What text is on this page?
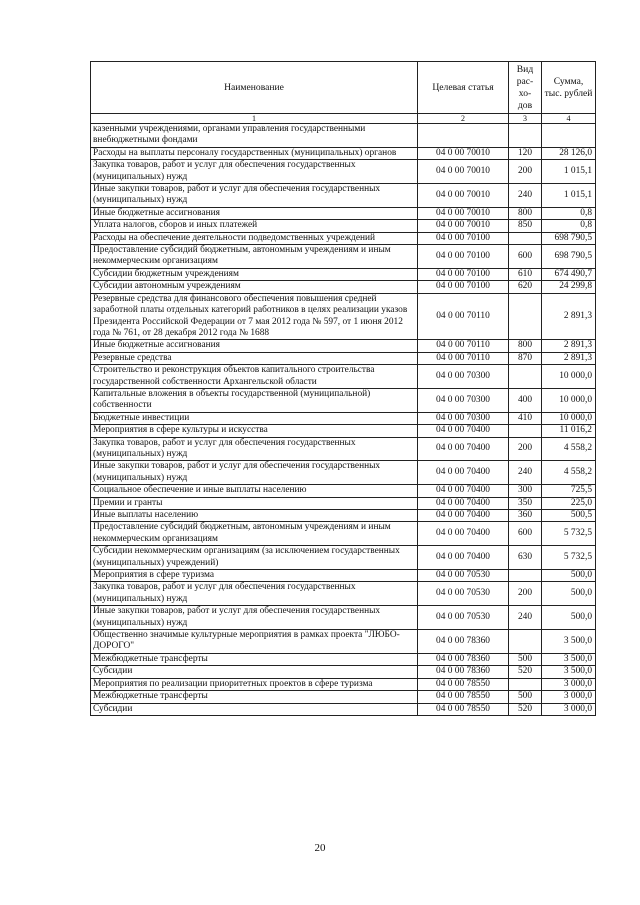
Наименование	Целевая статья	Вид рас- хо- дов	Сумма, тыс. рублей
1	2	3	4
казенными учреждениями, органами управления государственными внебюджетными фондами			
Расходы на выплаты персоналу государственных (муниципальных) органов	04 0 00 70010	120	28 126,0
Закупка товаров, работ и услуг для обеспечения государственных (муниципальных) нужд	04 0 00 70010	200	1 015,1
Иные закупки товаров, работ и услуг для обеспечения государственных (муниципальных) нужд	04 0 00 70010	240	1 015,1
Иные бюджетные ассигнования	04 0 00 70010	800	0,8
Уплата налогов, сборов и иных платежей	04 0 00 70010	850	0,8
Расходы на обеспечение деятельности подведомственных учреждений	04 0 00 70100		698 790,5
Предоставление субсидий бюджетным, автономным учреждениям и иным некоммерческим организациям	04 0 00 70100	600	698 790,5
Субсидии бюджетным учреждениям	04 0 00 70100	610	674 490,7
Субсидии автономным учреждениям	04 0 00 70100	620	24 299,8
Резервные средства для финансового обеспечения повышения средней заработной платы отдельных категорий работников в целях реализации указов Президента Российской Федерации от 7 мая 2012 года № 597, от 1 июня 2012 года № 761, от 28 декабря 2012 года № 1688	04 0 00 70110		2 891,3
Иные бюджетные ассигнования	04 0 00 70110	800	2 891,3
Резервные средства	04 0 00 70110	870	2 891,3
Строительство и реконструкция объектов капитального строительства государственной собственности Архангельской области	04 0 00 70300		10 000,0
Капитальные вложения в объекты государственной (муниципальной) собственности	04 0 00 70300	400	10 000,0
Бюджетные инвестиции	04 0 00 70300	410	10 000,0
Мероприятия в сфере культуры и искусства	04 0 00 70400		11 016,2
Закупка товаров, работ и услуг для обеспечения государственных (муниципальных) нужд	04 0 00 70400	200	4 558,2
Иные закупки товаров, работ и услуг для обеспечения государственных (муниципальных) нужд	04 0 00 70400	240	4 558,2
Социальное обеспечение и иные выплаты населению	04 0 00 70400	300	725,5
Премии и гранты	04 0 00 70400	350	225,0
Иные выплаты населению	04 0 00 70400	360	500,5
Предоставление субсидий бюджетным, автономным учреждениям и иным некоммерческим организациям	04 0 00 70400	600	5 732,5
Субсидии некоммерческим организациям (за исключением государственных (муниципальных) учреждений)	04 0 00 70400	630	5 732,5
Мероприятия в сфере туризма	04 0 00 70530		500,0
Закупка товаров, работ и услуг для обеспечения государственных (муниципальных) нужд	04 0 00 70530	200	500,0
Иные закупки товаров, работ и услуг для обеспечения государственных (муниципальных) нужд	04 0 00 70530	240	500,0
Общественно значимые культурные мероприятия в рамках проекта "ЛЮБО-ДОРОГО"	04 0 00 78360		3 500,0
Межбюджетные трансферты	04 0 00 78360	500	3 500,0
Субсидии	04 0 00 78360	520	3 500,0
Мероприятия по реализации приоритетных проектов в сфере туризма	04 0 00 78550		3 000,0
Межбюджетные трансферты	04 0 00 78550	500	3 000,0
Субсидии	04 0 00 78550	520	3 000,0
20
